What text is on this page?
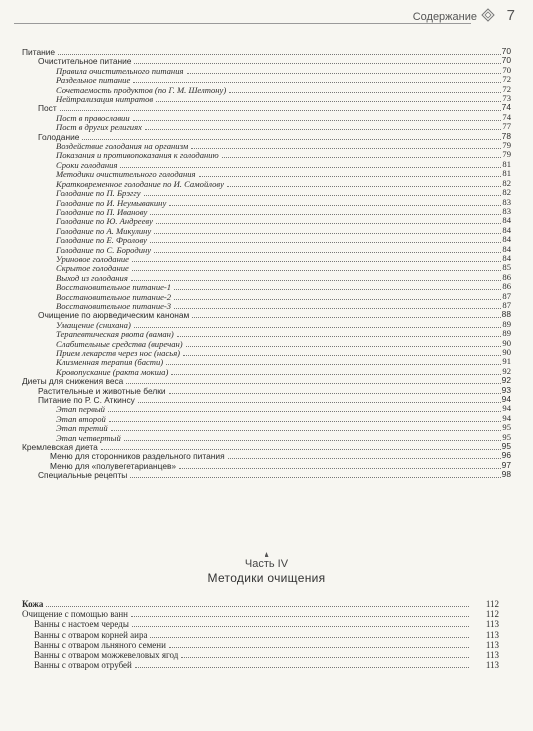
Содержание 7
Питание	70
Очистительное питание	70
Правила очистительного питания	70
Раздельное питание	72
Сочетаемость продуктов (по Г. М. Шелтону)	72
Нейтрализация нитратов	73
Пост	74
Пост в православии	74
Пост в других религиях	77
Голодание	78
Воздействие голодания на организм	79
Показания и противопоказания к голоданию	79
Сроки голодания	81
Методики очистительного голодания	81
Кратковременное голодание по И. Самойлову	82
Голодание по П. Брэггу	82
Голодание по И. Неумывакину	83
Голодание по П. Иванову	83
Голодание по Ю. Андрееву	84
Голодание по А. Микулину	84
Голодание по Е. Фролову	84
Голодание по С. Бородину	84
Уриновое голодание	84
Скрытое голодание	85
Выход из голодания	86
Восстановительное питание-1	86
Восстановительное питание-2	87
Восстановительное питание-3	87
Очищение по аюрведическим канонам	88
Умащение (снихана)	89
Терапевтическая рвота (ваман)	89
Слабительные средства (виречан)	90
Прием лекарств через нос (насья)	90
Клизменная терапия (басти)	91
Кровопускание (ракта мокша)	92
Диеты для снижения веса	92
Растительные и животные белки	93
Питание по Р. С. Аткинсу	94
Этап первый	94
Этап второй	94
Этап третий	95
Этап четвертый	95
Кремлевская диета	95
Меню для сторонников раздельного питания	96
Меню для «полувегетарианцев»	97
Специальные рецепты	98
Часть IV
Методики очищения
Кожа	112
Очищение с помощью ванн	112
Ванны с настоем череды	113
Ванны с отваром корней аира	113
Ванны с отваром льняного семени	113
Ванны с отваром можжевеловых ягод	113
Ванны с отваром отрубей	113
